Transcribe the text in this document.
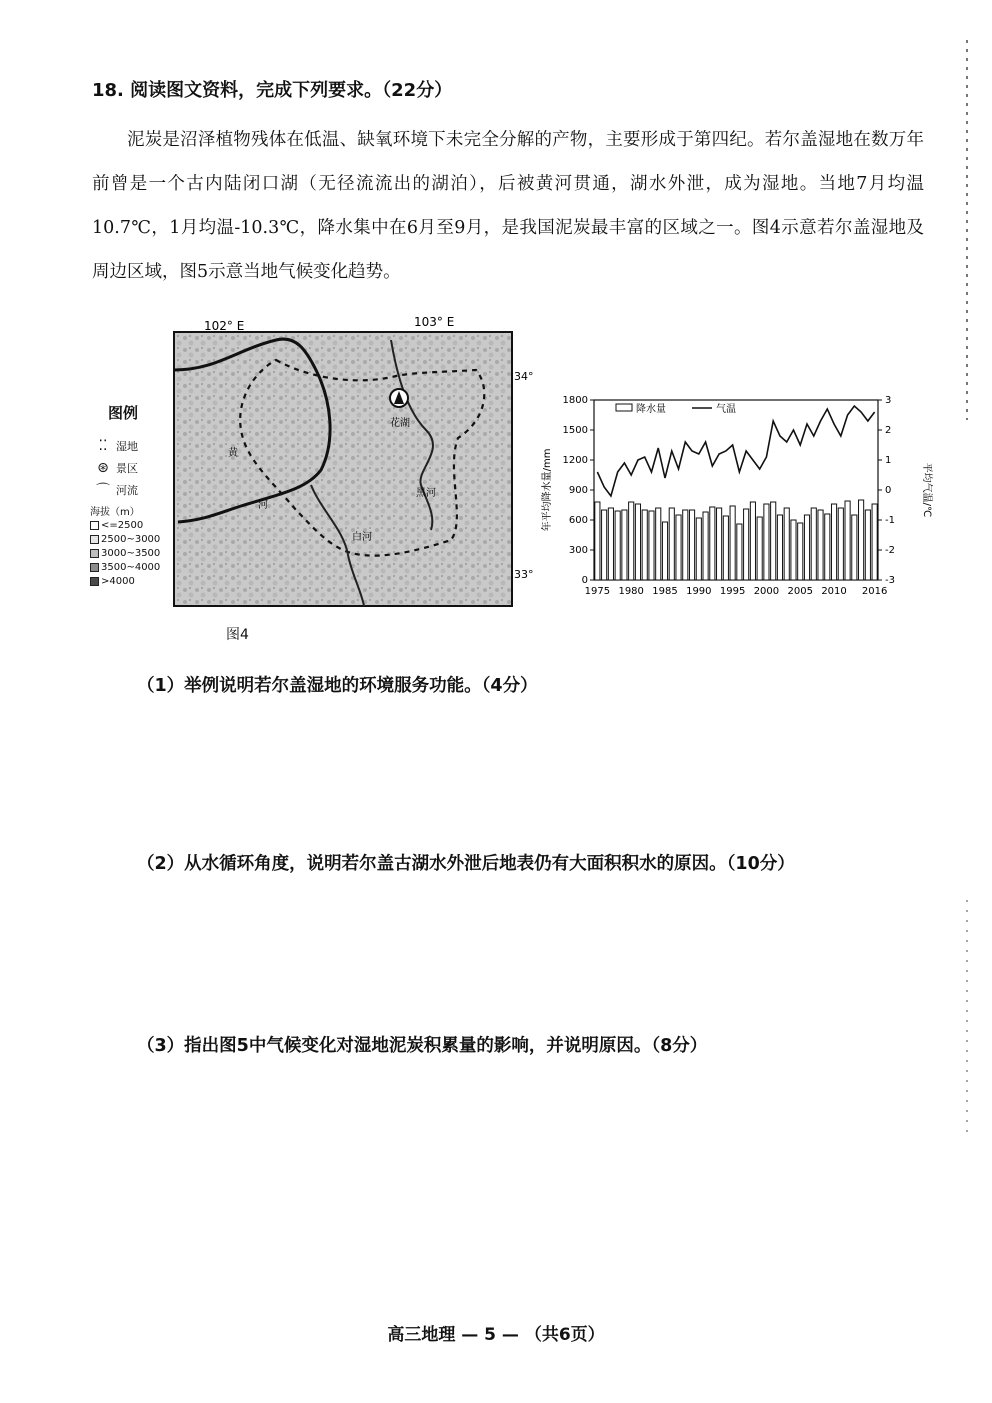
18. 阅读图文资料，完成下列要求。（22分）

泥炭是沼泽植物残体在低温、缺氧环境下未完全分解的产物，主要形成于第四纪。若尔盖湿地在数万年前曾是一个古内陆闭口湖（无径流流出的湖泊），后被黄河贯通，湖水外泄，成为湿地。当地7月均温10.7℃，1月均温-10.3℃，降水集中在6月至9月，是我国泥炭最丰富的区域之一。图4示意若尔盖湿地及周边区域，图5示意当地气候变化趋势。

102° E	103° E
34°
33°
花湖
黄
河
黑河
白河
图例
⁚⁚ 湿地
⊛ 景区
⌒ 河流
海拔（m）
<=2500
2500~3000
3000~3500
3500~4000
>4000
图4
0
300
600
900
1200
1500
1800
-3
-2
-1
0
1
2
3
1975 1980 1985 1990 1995 2000 2005 2010 2016
年平均降水量/mm	平均气温/℃
降水量	气温
（1）举例说明若尔盖湿地的环境服务功能。（4分）
（2）从水循环角度，说明若尔盖古湖水外泄后地表仍有大面积积水的原因。（10分）
（3）指出图5中气候变化对湿地泥炭积累量的影响，并说明原因。（8分）
高三地理 — 5 — （共6页）
